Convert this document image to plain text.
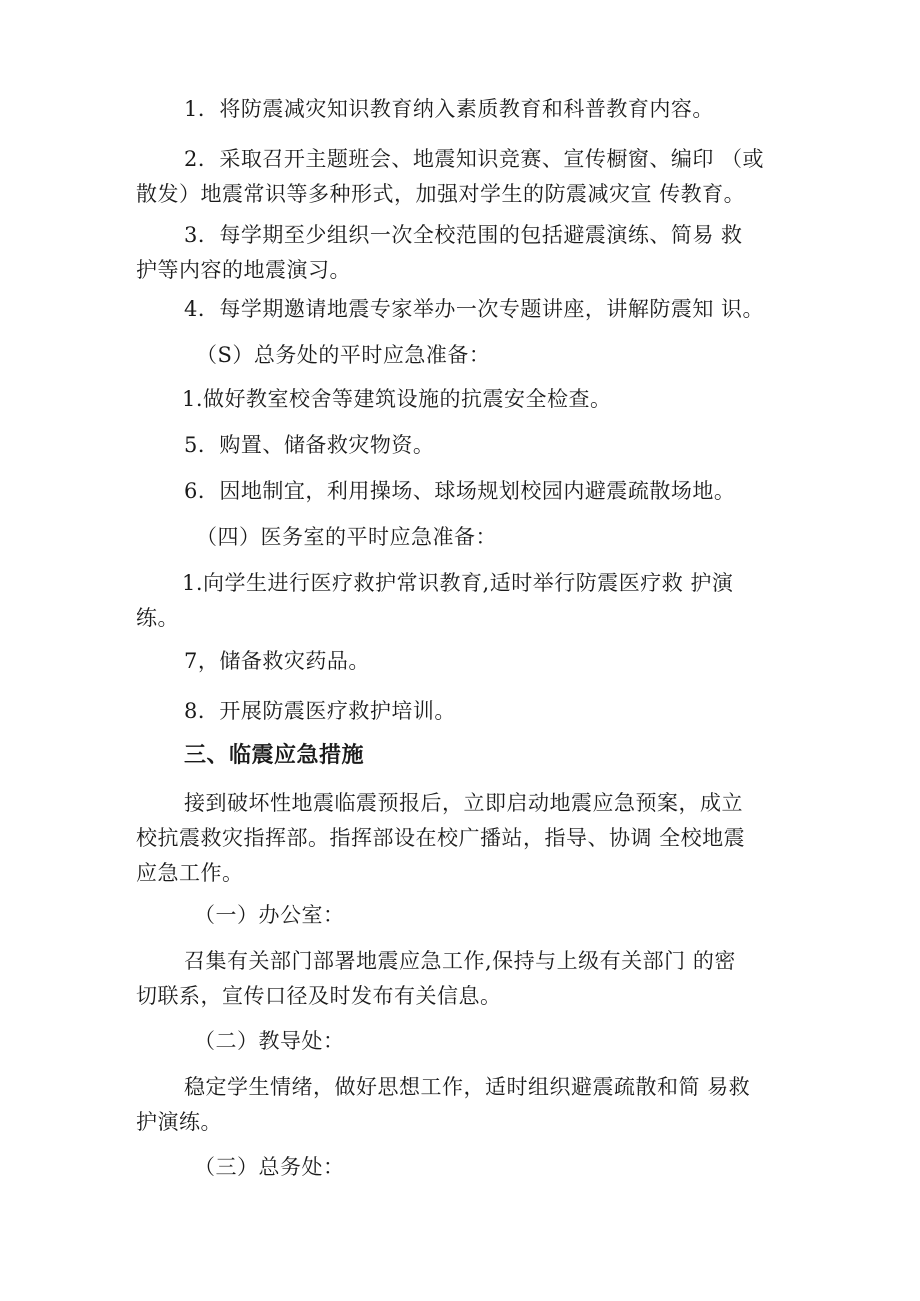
1．将防震减灾知识教育纳入素质教育和科普教育内容。

2．采取召开主题班会、地震知识竞赛、宣传橱窗、编印 （或
散发）地震常识等多种形式，加强对学生的防震减灾宣 传教育。

3．每学期至少组织一次全校范围的包括避震演练、简易 救
护等内容的地震演习。

4．每学期邀请地震专家举办一次专题讲座，讲解防震知 识。

（S）总务处的平时应急准备：

1.做好教室校舍等建筑设施的抗震安全检查。

5．购置、储备救灾物资。

6．因地制宜，利用操场、球场规划校园内避震疏散场地。

（四）医务室的平时应急准备：

1.向学生进行医疗救护常识教育,适时举行防震医疗救 护演
练。

7，储备救灾药品。

8．开展防震医疗救护培训。

三、临震应急措施

接到破坏性地震临震预报后，立即启动地震应急预案，成立
校抗震救灾指挥部。指挥部设在校广播站，指导、协调 全校地震
应急工作。

（一）办公室：

召集有关部门部署地震应急工作,保持与上级有关部门 的密
切联系，宣传口径及时发布有关信息。

（二）教导处：

稳定学生情绪，做好思想工作，适时组织避震疏散和简 易救
护演练。

（三）总务处：
